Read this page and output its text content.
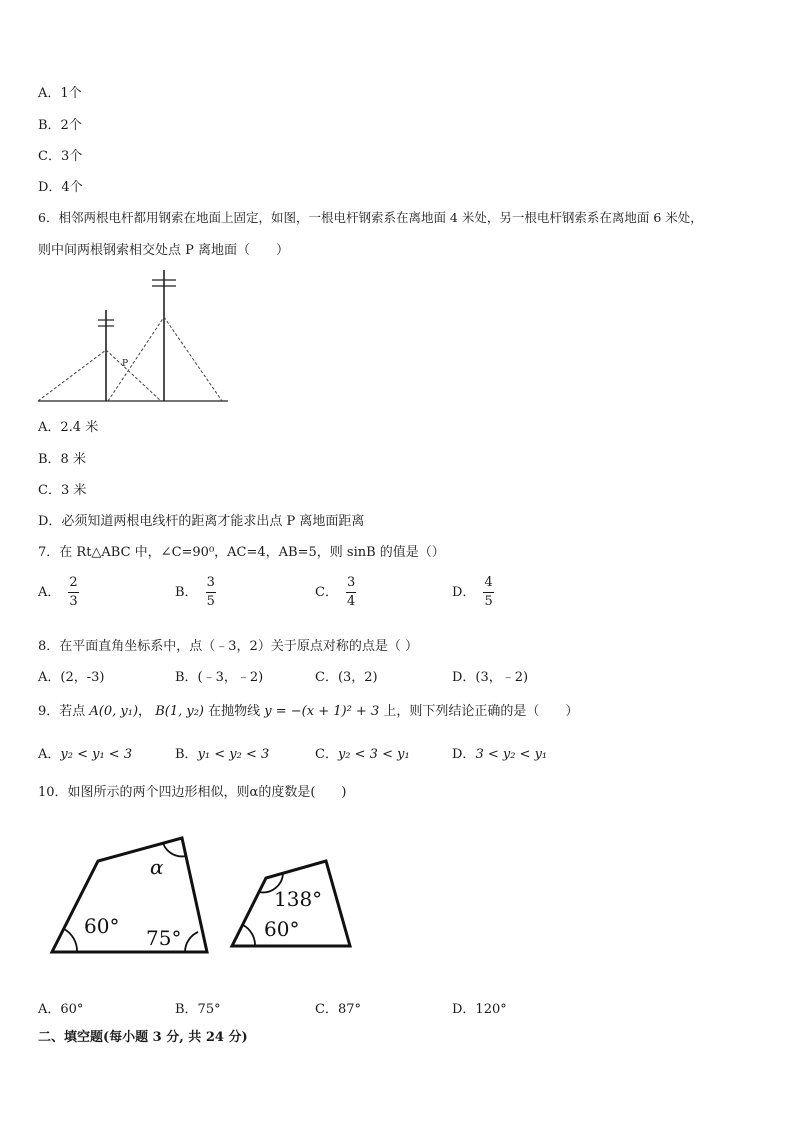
A．1个
B．2个
C．3个
D．4个
6．相邻两根电杆都用钢索在地面上固定，如图，一根电杆钢索系在离地面 4 米处，另一根电杆钢索系在离地面 6 米处，
则中间两根钢索相交处点 P 离地面（　　）
P
A．2.4 米
B．8 米
C．3 米
D．必须知道两根电线杆的距离才能求出点 P 离地面距离
7．在 Rt△ABC 中，∠C=90⁰，AC=4，AB=5，则 sinB 的值是（）
A． $\frac{2}{3}$	B． $\frac{3}{5}$	C． $\frac{3}{4}$	D． $\frac{4}{5}$
8．在平面直角坐标系中，点（﹣3，2）关于原点对称的点是（ ）
A．(2，-3)	B．(﹣3，﹣2)	C．(3，2)	D．(3，﹣2)
9．若点 A(0, y₁)， B(1, y₂) 在抛物线 y = −(x + 1)² + 3 上，则下列结论正确的是（　　）
A．y₂ < y₁ < 3	B．y₁ < y₂ < 3	C．y₂ < 3 < y₁	D．3 < y₂ < y₁
10．如图所示的两个四边形相似，则α的度数是(　　)
α
60° 75°
138°
60°
A．60°	B．75°	C．87°	D．120°
二、填空题(每小题 3 分, 共 24 分)
